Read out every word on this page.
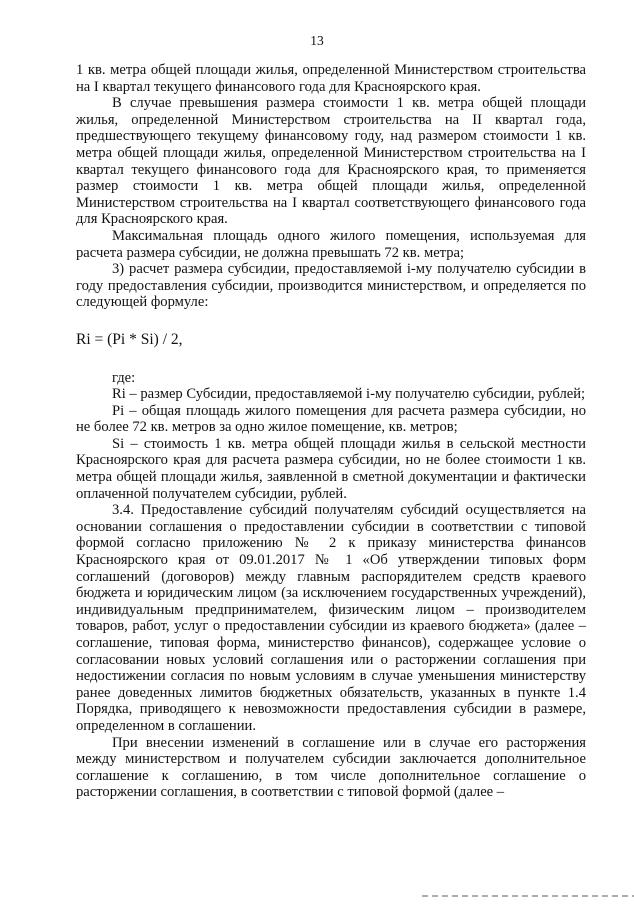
13

1 кв. метра общей площади жилья, определенной Министерством строительства на I квартал текущего финансового года для Красноярского края.

В случае превышения размера стоимости 1 кв. метра общей площади жилья, определенной Министерством строительства на II квартал года, предшествующего текущему финансовому году, над размером стоимости 1 кв. метра общей площади жилья, определенной Министерством строительства на I квартал текущего финансового года для Красноярского края, то применяется размер стоимости 1 кв. метра общей площади жилья, определенной Министерством строительства на I квартал соответствующего финансового года для Красноярского края.

Максимальная площадь одного жилого помещения, используемая для расчета размера субсидии, не должна превышать 72 кв. метра;

3) расчет размера субсидии, предоставляемой i-му получателю субсидии в году предоставления субсидии, производится министерством, и определяется по следующей формуле:

Ri = (Pi * Si) / 2,

где:

Ri – размер Субсидии, предоставляемой i-му получателю субсидии, рублей;

Pi – общая площадь жилого помещения для расчета размера субсидии, но не более 72 кв. метров за одно жилое помещение, кв. метров;

Si – стоимость 1 кв. метра общей площади жилья в сельской местности Красноярского края для расчета размера субсидии, но не более стоимости 1 кв. метра общей площади жилья, заявленной в сметной документации и фактически оплаченной получателем субсидии, рублей.

3.4. Предоставление субсидий получателям субсидий осуществляется на основании соглашения о предоставлении субсидии в соответствии с типовой формой согласно приложению № 2 к приказу министерства финансов Красноярского края от 09.01.2017 № 1 «Об утверждении типовых форм соглашений (договоров) между главным распорядителем средств краевого бюджета и юридическим лицом (за исключением государственных учреждений), индивидуальным предпринимателем, физическим лицом – производителем товаров, работ, услуг о предоставлении субсидии из краевого бюджета» (далее – соглашение, типовая форма, министерство финансов), содержащее условие о согласовании новых условий соглашения или о расторжении соглашения при недостижении согласия по новым условиям в случае уменьшения министерству ранее доведенных лимитов бюджетных обязательств, указанных в пункте 1.4 Порядка, приводящего к невозможности предоставления субсидии в размере, определенном в соглашении.

При внесении изменений в соглашение или в случае его расторжения между министерством и получателем субсидии заключается дополнительное соглашение к соглашению, в том числе дополнительное соглашение о расторжении соглашения, в соответствии с типовой формой (далее –
